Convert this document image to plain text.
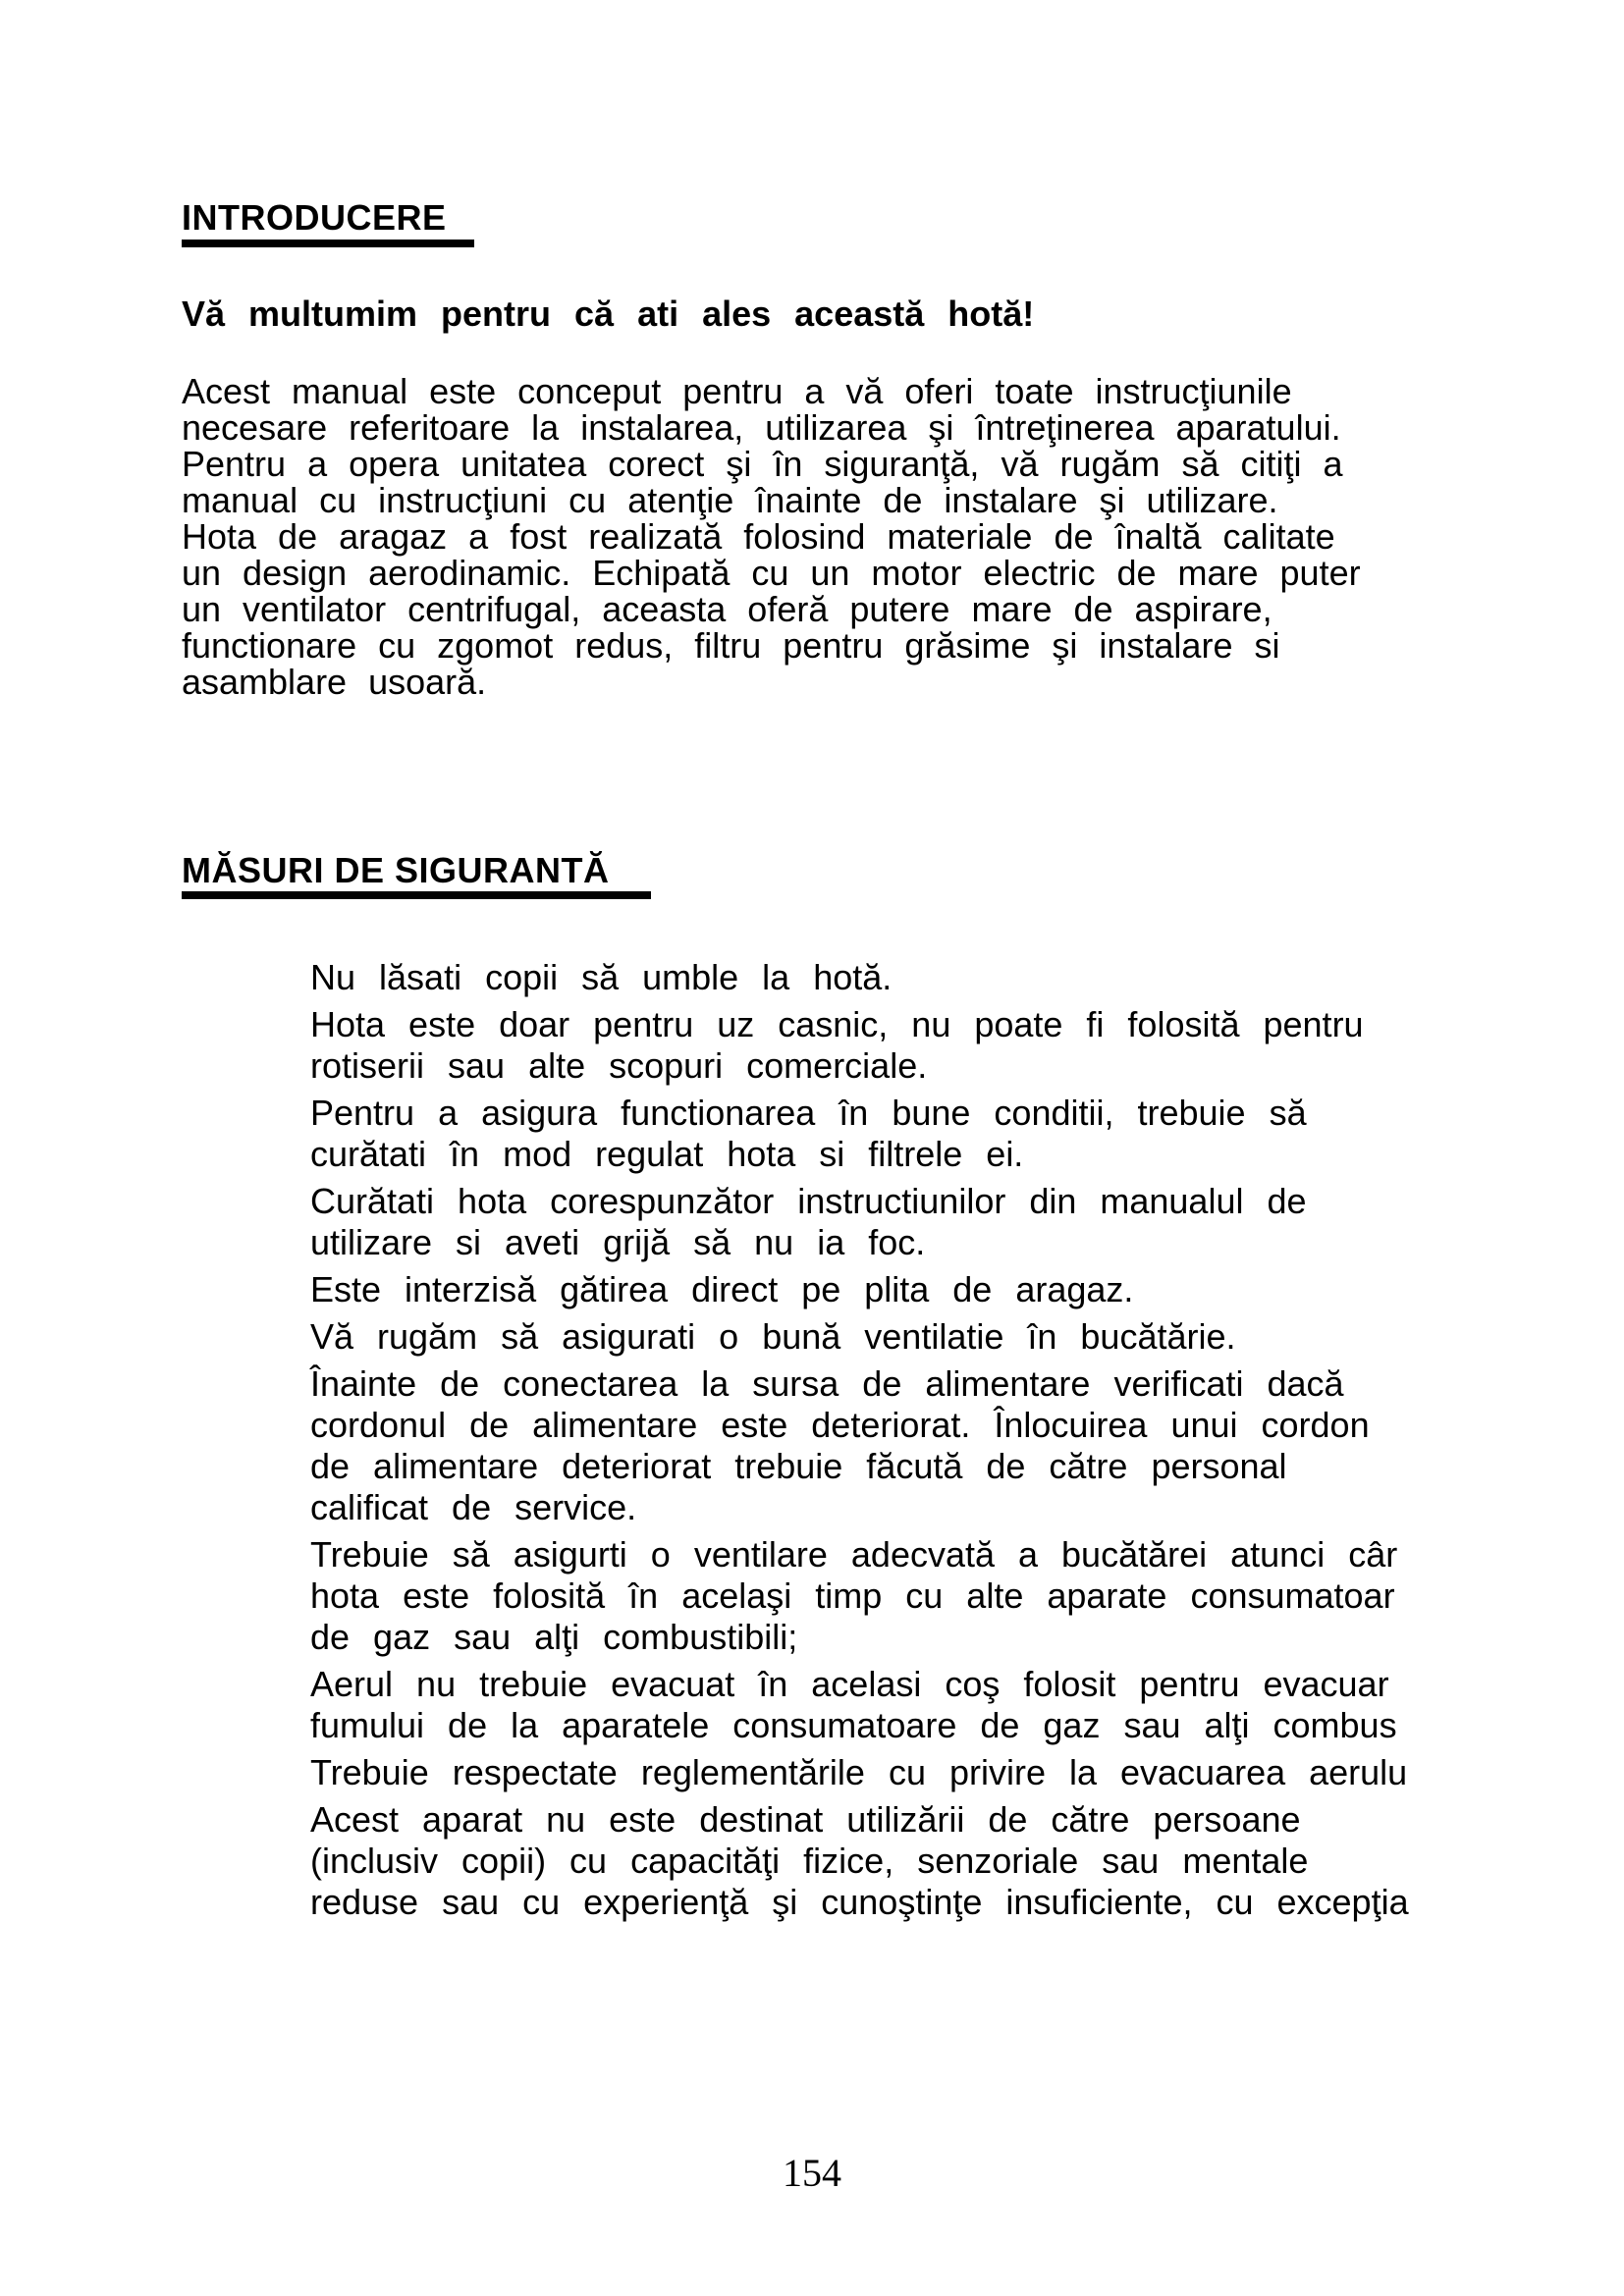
INTRODUCERE
Vă multumim pentru că ati ales această hotă!
Acest manual este conceput pentru a vă oferi toate instrucţiunile
necesare referitoare la instalarea, utilizarea şi întreţinerea aparatului.
Pentru a opera unitatea corect şi în siguranţă, vă rugăm să citiţi a
manual cu instrucţiuni cu atenţie înainte de instalare şi utilizare.
Hota de aragaz a fost realizată folosind materiale de înaltă calitate
un design aerodinamic. Echipată cu un motor electric de mare puter
un ventilator centrifugal, aceasta oferă putere mare de aspirare,
functionare cu zgomot redus, filtru pentru grăsime şi instalare si
asamblare usoară.
MĂSURI DE SIGURANTĂ
Nu lăsati copii să umble la hotă.
Hota este doar pentru uz casnic, nu poate fi folosită pentru
rotiserii sau alte scopuri comerciale.
Pentru a asigura functionarea în bune conditii, trebuie să
curătati în mod regulat hota si filtrele ei.
Curătati hota corespunzător instructiunilor din manualul de
utilizare si aveti grijă să nu ia foc.
Este interzisă gătirea direct pe plita de aragaz.
Vă rugăm să asigurati o bună ventilatie în bucătărie.
Înainte de conectarea la sursa de alimentare verificati dacă
cordonul de alimentare este deteriorat. Înlocuirea unui cordon
de alimentare deteriorat trebuie făcută de către personal
calificat de service.
Trebuie să asigurti o ventilare adecvată a bucătărei atunci câr
hota este folosită în acelaşi timp cu alte aparate consumatoar
de gaz sau alţi combustibili;
Aerul nu trebuie evacuat în acelasi coş folosit pentru evacuar
fumului de la aparatele consumatoare de gaz sau alţi combus
Trebuie respectate reglementările cu privire la evacuarea aerulu
Acest aparat nu este destinat utilizării de către persoane
(inclusiv copii) cu capacităţi fizice, senzoriale sau mentale
reduse sau cu experienţă şi cunoştinţe insuficiente, cu excepţia
154
